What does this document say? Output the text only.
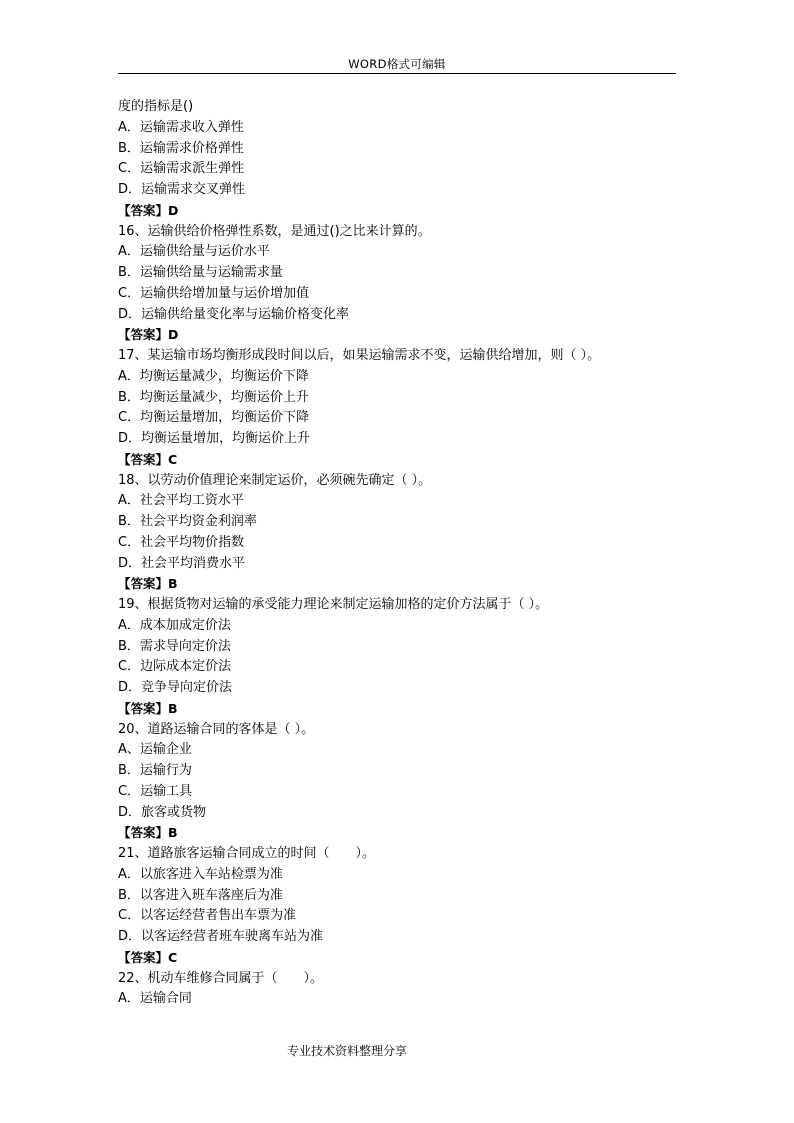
WORD格式可编辑
度的指标是()
A．运输需求收入弹性
B．运输需求价格弹性
C．运输需求派生弹性
D．运输需求交叉弹性
【答案】D
16、运输供给价格弹性系数，是通过()之比来计算的。
A．运输供给量与运价水平
B．运输供给量与运输需求量
C．运输供给增加量与运价增加值
D．运输供给量变化率与运输价格变化率
【答案】D
17、某运输市场均衡形成段时间以后，如果运输需求不变，运输供给增加，则（ ）。
A．均衡运量减少，均衡运价下降
B．均衡运量减少，均衡运价上升
C．均衡运量增加，均衡运价下降
D．均衡运量增加，均衡运价上升
【答案】C
18、以劳动价值理论来制定运价，必须碗先确定（ ）。
A．社会平均工资水平
B．社会平均资金利润率
C．社会平均物价指数
D．社会平均消费水平
【答案】B
19、根据货物对运输的承受能力理论来制定运输加格的定价方法属于（ ）。
A．成本加成定价法
B．需求导向定价法
C．边际成本定价法
D．竞争导向定价法
【答案】B
20、道路运输合同的客体是（ ）。
A、运输企业
B．运输行为
C．运输工具
D．旅客或货物
【答案】B
21、道路旅客运输合同成立的时间（　　）。
A．以旅客进入车站检票为准
B．以客进入班车落座后为准
C．以客运经营者售出车票为准
D．以客运经营者班车驶离车站为准
【答案】C
22、机动车维修合同属于（　　）。
A．运输合同
专业技术资料整理分享
